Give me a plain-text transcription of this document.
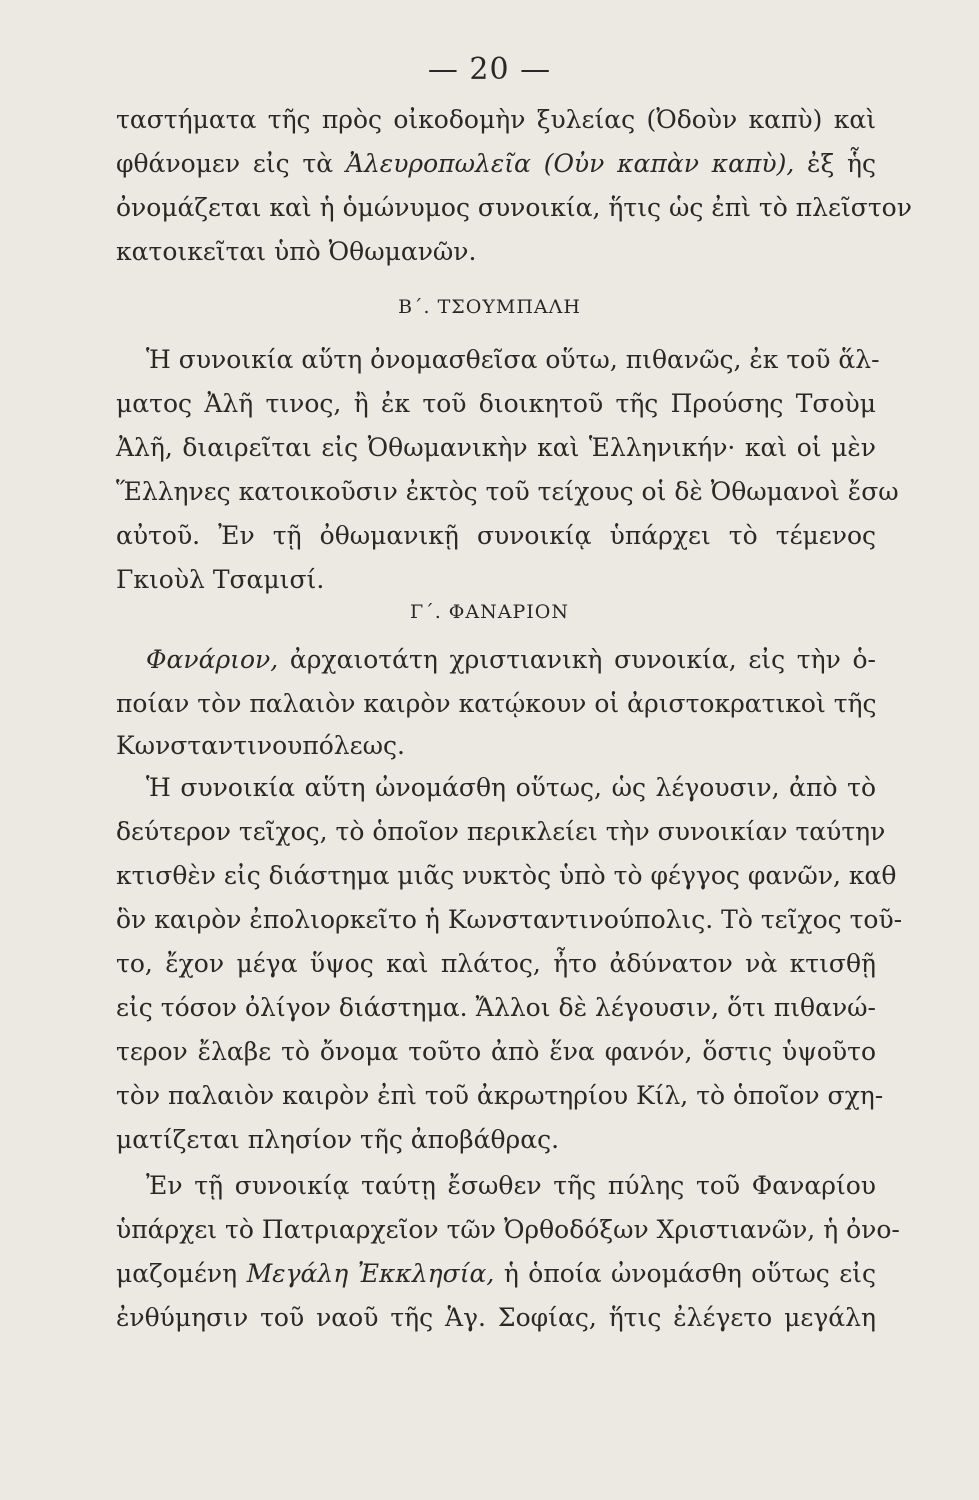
— 20 —
ταστήματα τῆς πρὸς οἰκοδομὴν ξυλείας (Ὀδοὺν καπὺ) καὶ
φθάνομεν εἰς τὰ Ἀλευροπωλεῖα (Οὐν καπὰν καπὺ), ἐξ ἧς
ὀνομάζεται καὶ ἡ ὁμώνυμος συνοικία, ἥτις ὡς ἐπὶ τὸ πλεῖστον
κατοικεῖται ὑπὸ Ὀθωμανῶν.
Β΄. ΤΣΟΥΜΠΑΛΗ
Ἡ συνοικία αὕτη ὀνομασθεῖσα οὕτω, πιθανῶς, ἐκ τοῦ ἅλ-
ματος Ἀλῆ τινος, ἢ ἐκ τοῦ διοικητοῦ τῆς Προύσης Τσοὺμ
Ἀλῆ, διαιρεῖται εἰς Ὀθωμανικὴν καὶ Ἑλληνικήν· καὶ οἱ μὲν
Ἕλληνες κατοικοῦσιν ἐκτὸς τοῦ τείχους οἱ δὲ Ὀθωμανοὶ ἔσω
αὐτοῦ. Ἐν τῇ ὀθωμανικῇ συνοικίᾳ ὑπάρχει τὸ τέμενος
Γκιοὺλ Τσαμισί.
Γ΄. ΦΑΝΑΡΙΟΝ
Φανάριον, ἀρχαιοτάτη χριστιανικὴ συνοικία, εἰς τὴν ὁ-
ποίαν τὸν παλαιὸν καιρὸν κατῴκουν οἱ ἀριστοκρατικοὶ τῆς
Κωνσταντινουπόλεως.
Ἡ συνοικία αὕτη ὠνομάσθη οὕτως, ὡς λέγουσιν, ἀπὸ τὸ
δεύτερον τεῖχος, τὸ ὁποῖον περικλείει τὴν συνοικίαν ταύτην
κτισθὲν εἰς διάστημα μιᾶς νυκτὸς ὑπὸ τὸ φέγγος φανῶν, καθ
ὃν καιρὸν ἐπολιορκεῖτο ἡ Κωνσταντινούπολις. Τὸ τεῖχος τοῦ-
το, ἔχον μέγα ὕψος καὶ πλάτος, ἦτο ἀδύνατον νὰ κτισθῇ
εἰς τόσον ὀλίγον διάστημα. Ἄλλοι δὲ λέγουσιν, ὅτι πιθανώ-
τερον ἔλαβε τὸ ὄνομα τοῦτο ἀπὸ ἕνα φανόν, ὅστις ὑψοῦτο
τὸν παλαιὸν καιρὸν ἐπὶ τοῦ ἀκρωτηρίου Κίλ, τὸ ὁποῖον σχη-
ματίζεται πλησίον τῆς ἀποβάθρας.
Ἐν τῇ συνοικίᾳ ταύτῃ ἔσωθεν τῆς πύλης τοῦ Φαναρίου
ὑπάρχει τὸ Πατριαρχεῖον τῶν Ὀρθοδόξων Χριστιανῶν, ἡ ὀνο-
μαζομένη Μεγάλη Ἐκκλησία, ἡ ὁποία ὠνομάσθη οὕτως εἰς
ἐνθύμησιν τοῦ ναοῦ τῆς Ἁγ. Σοφίας, ἥτις ἐλέγετο μεγάλη
